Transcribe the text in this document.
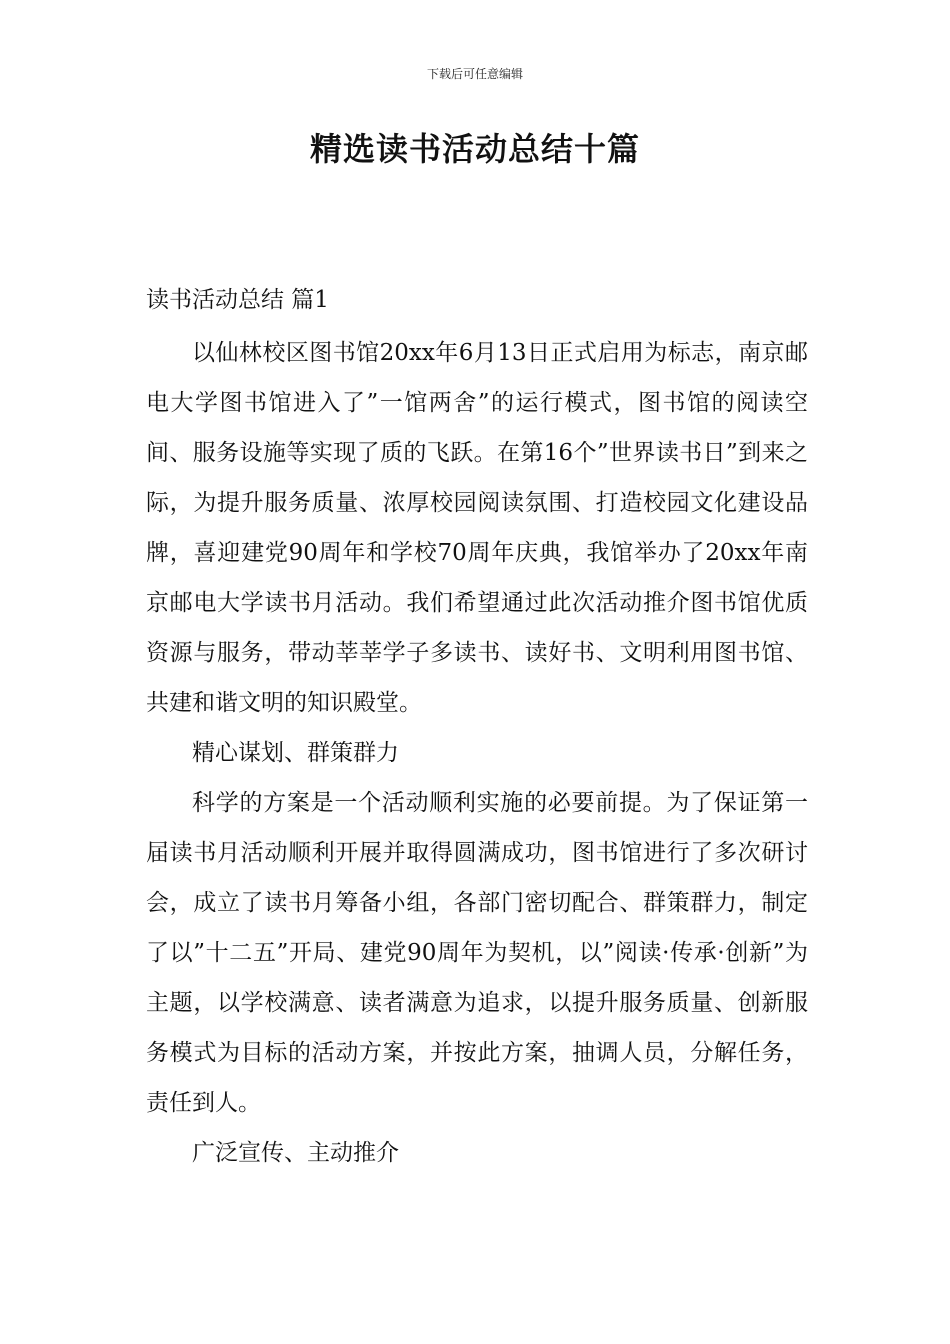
下载后可任意编辑
精选读书活动总结十篇
读书活动总结 篇1

以仙林校区图书馆20xx年6月13日正式启用为标志，南京邮电大学图书馆进入了”一馆两舍”的运行模式，图书馆的阅读空间、服务设施等实现了质的飞跃。在第16个”世界读书日”到来之际，为提升服务质量、浓厚校园阅读氛围、打造校园文化建设品牌，喜迎建党90周年和学校70周年庆典，我馆举办了20xx年南京邮电大学读书月活动。我们希望通过此次活动推介图书馆优质资源与服务，带动莘莘学子多读书、读好书、文明利用图书馆、共建和谐文明的知识殿堂。

精心谋划、群策群力

科学的方案是一个活动顺利实施的必要前提。为了保证第一届读书月活动顺利开展并取得圆满成功，图书馆进行了多次研讨会，成立了读书月筹备小组，各部门密切配合、群策群力，制定了以”十二五”开局、建党90周年为契机，以”阅读·传承·创新”为主题，以学校满意、读者满意为追求，以提升服务质量、创新服务模式为目标的活动方案，并按此方案，抽调人员，分解任务，责任到人。

广泛宣传、主动推介
